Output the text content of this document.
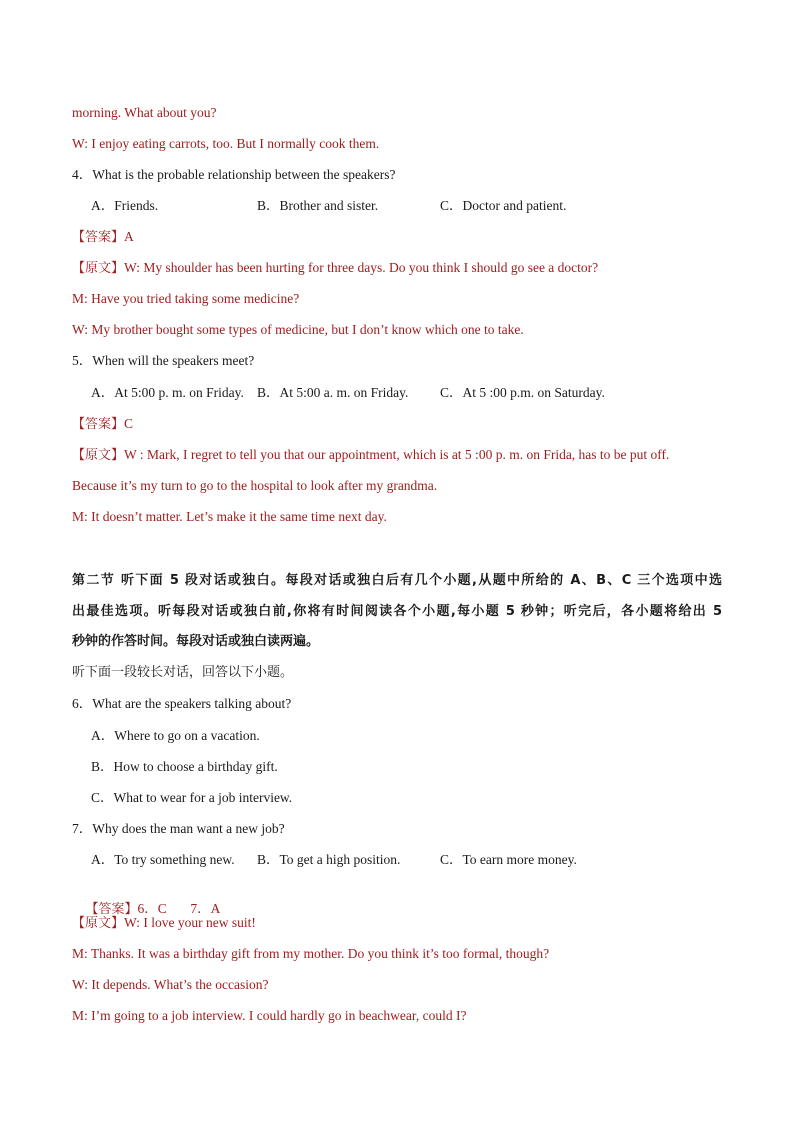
morning. What about you?
W: I enjoy eating carrots, too. But I normally cook them.
4．What is the probable relationship between the speakers?
A．Friends.	B．Brother and sister.	C．Doctor and patient.
【答案】A
【原文】W: My shoulder has been hurting for three days. Do you think I should go see a doctor?
M: Have you tried taking some medicine?
W: My brother bought some types of medicine, but I don’t know which one to take.
5．When will the speakers meet?
A．At 5:00 p. m. on Friday. B．At 5:00 a. m. on Friday. C．At 5 :00 p.m. on Saturday.
【答案】C
【原文】W : Mark, I regret to tell you that our appointment, which is at 5 :00 p. m. on Frida, has to be put off.
Because it’s my turn to go to the hospital to look after my grandma.
M: It doesn’t matter. Let’s make it the same time next day.
第二节 听下面 5 段对话或独白。每段对话或独白后有几个小题,从题中所给的 A、B、C 三个选项中选
出最佳选项。听每段对话或独白前,你将有时间阅读各个小题,每小题 5 秒钟；听完后，各小题将给出 5
秒钟的作答时间。每段对话或独白读两遍。
听下面一段较长对话，回答以下小题。
6．What are the speakers talking about?
A．Where to go on a vacation.
B．How to choose a birthday gift.
C．What to wear for a job interview.
7．Why does the man want a new job?
A．To try something new. B．To get a high position.	C．To earn more money.

【答案】6．C       7．A

【原文】W: I love your new suit!
M: Thanks. It was a birthday gift from my mother. Do you think it’s too formal, though?
W: It depends. What’s the occasion?
M: I’m going to a job interview. I could hardly go in beachwear, could I?
